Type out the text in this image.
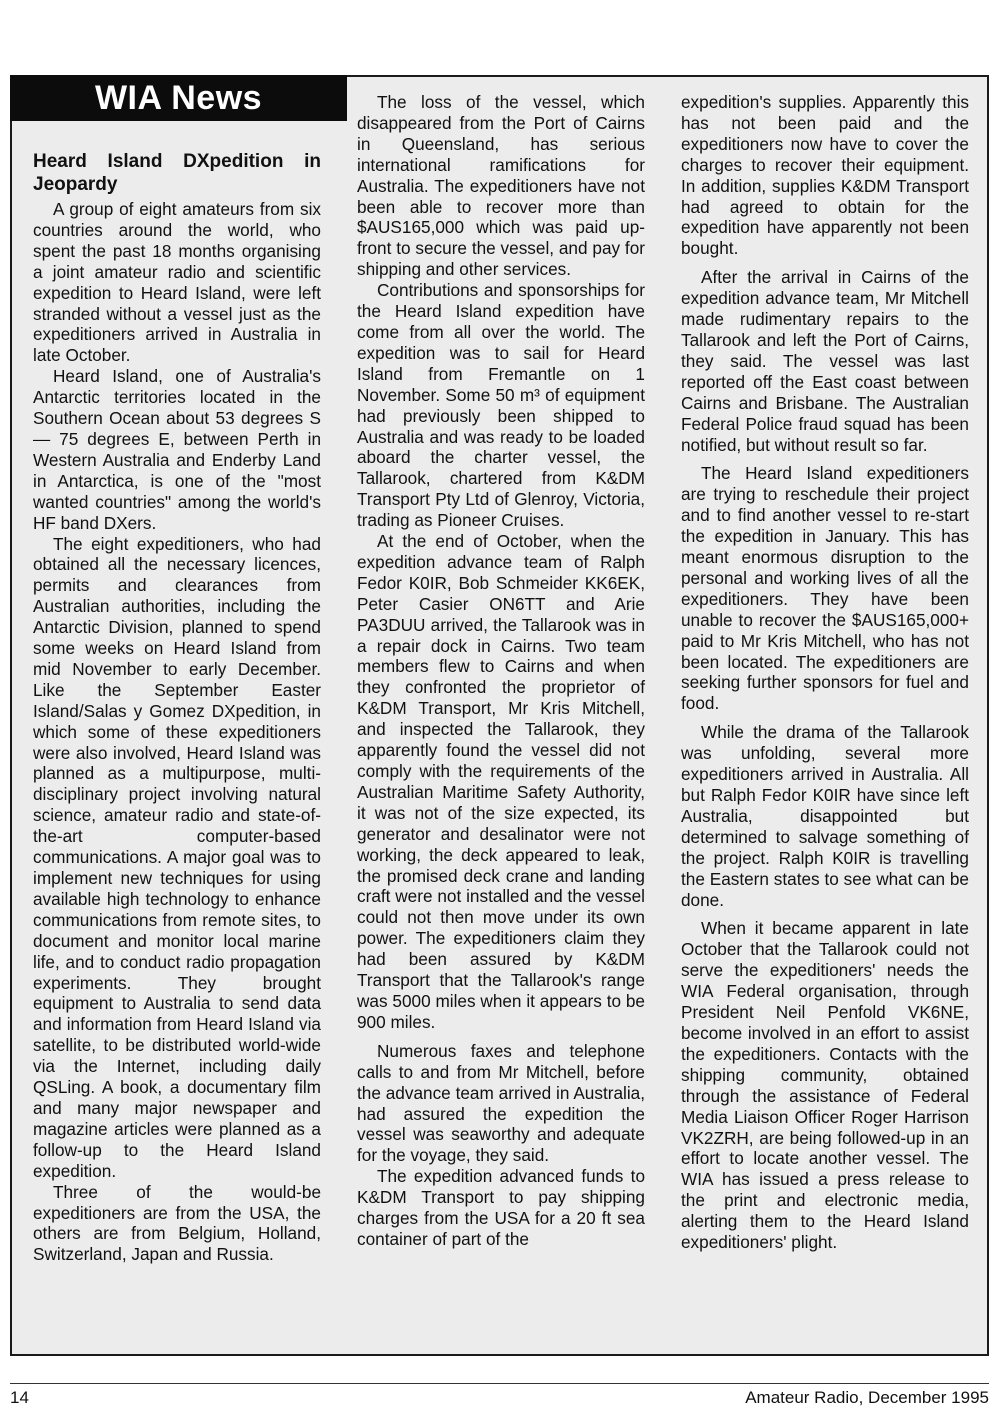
WIA News
Heard Island DXpedition in Jeopardy

A group of eight amateurs from six countries around the world, who spent the past 18 months organising a joint amateur radio and scientific expedition to Heard Island, were left stranded without a vessel just as the expeditioners arrived in Australia in late October.

Heard Island, one of Australia's Antarctic territories located in the Southern Ocean about 53 degrees S — 75 degrees E, between Perth in Western Australia and Enderby Land in Antarctica, is one of the "most wanted countries" among the world's HF band DXers.

The eight expeditioners, who had obtained all the necessary licences, permits and clearances from Australian authorities, including the Antarctic Division, planned to spend some weeks on Heard Island from mid November to early December. Like the September Easter Island/Salas y Gomez DXpedition, in which some of these expeditioners were also involved, Heard Island was planned as a multipurpose, multi-disciplinary project involving natural science, amateur radio and state-of-the-art computer-based communications. A major goal was to implement new techniques for using available high technology to enhance communications from remote sites, to document and monitor local marine life, and to conduct radio propagation experiments. They brought equipment to Australia to send data and information from Heard Island via satellite, to be distributed world-wide via the Internet, including daily QSLing. A book, a documentary film and many major newspaper and magazine articles were planned as a follow-up to the Heard Island expedition.

Three of the would-be expeditioners are from the USA, the others are from Belgium, Holland, Switzerland, Japan and Russia.

The loss of the vessel, which disappeared from the Port of Cairns in Queensland, has serious international ramifications for Australia. The expeditioners have not been able to recover more than $AUS165,000 which was paid up-front to secure the vessel, and pay for shipping and other services.

Contributions and sponsorships for the Heard Island expedition have come from all over the world. The expedition was to sail for Heard Island from Fremantle on 1 November. Some 50 m³ of equipment had previously been shipped to Australia and was ready to be loaded aboard the charter vessel, the Tallarook, chartered from K&DM Transport Pty Ltd of Glenroy, Victoria, trading as Pioneer Cruises.

At the end of October, when the expedition advance team of Ralph Fedor K0IR, Bob Schmeider KK6EK, Peter Casier ON6TT and Arie PA3DUU arrived, the Tallarook was in a repair dock in Cairns. Two team members flew to Cairns and when they confronted the proprietor of K&DM Transport, Mr Kris Mitchell, and inspected the Tallarook, they apparently found the vessel did not comply with the requirements of the Australian Maritime Safety Authority, it was not of the size expected, its generator and desalinator were not working, the deck appeared to leak, the promised deck crane and landing craft were not installed and the vessel could not then move under its own power. The expeditioners claim they had been assured by K&DM Transport that the Tallarook's range was 5000 miles when it appears to be 900 miles.

Numerous faxes and telephone calls to and from Mr Mitchell, before the advance team arrived in Australia, had assured the expedition the vessel was seaworthy and adequate for the voyage, they said.

The expedition advanced funds to K&DM Transport to pay shipping charges from the USA for a 20 ft sea container of part of the

expedition's supplies. Apparently this has not been paid and the expeditioners now have to cover the charges to recover their equipment. In addition, supplies K&DM Transport had agreed to obtain for the expedition have apparently not been bought.

After the arrival in Cairns of the expedition advance team, Mr Mitchell made rudimentary repairs to the Tallarook and left the Port of Cairns, they said. The vessel was last reported off the East coast between Cairns and Brisbane. The Australian Federal Police fraud squad has been notified, but without result so far.

The Heard Island expeditioners are trying to reschedule their project and to find another vessel to re-start the expedition in January. This has meant enormous disruption to the personal and working lives of all the expeditioners. They have been unable to recover the $AUS165,000+ paid to Mr Kris Mitchell, who has not been located. The expeditioners are seeking further sponsors for fuel and food.

While the drama of the Tallarook was unfolding, several more expeditioners arrived in Australia. All but Ralph Fedor K0IR have since left Australia, disappointed but determined to salvage something of the project. Ralph K0IR is travelling the Eastern states to see what can be done.

When it became apparent in late October that the Tallarook could not serve the expeditioners' needs the WIA Federal organisation, through President Neil Penfold VK6NE, become involved in an effort to assist the expeditioners. Contacts with the shipping community, obtained through the assistance of Federal Media Liaison Officer Roger Harrison VK2ZRH, are being followed-up in an effort to locate another vessel. The WIA has issued a press release to the print and electronic media, alerting them to the Heard Island expeditioners' plight.

14	Amateur Radio, December 1995
